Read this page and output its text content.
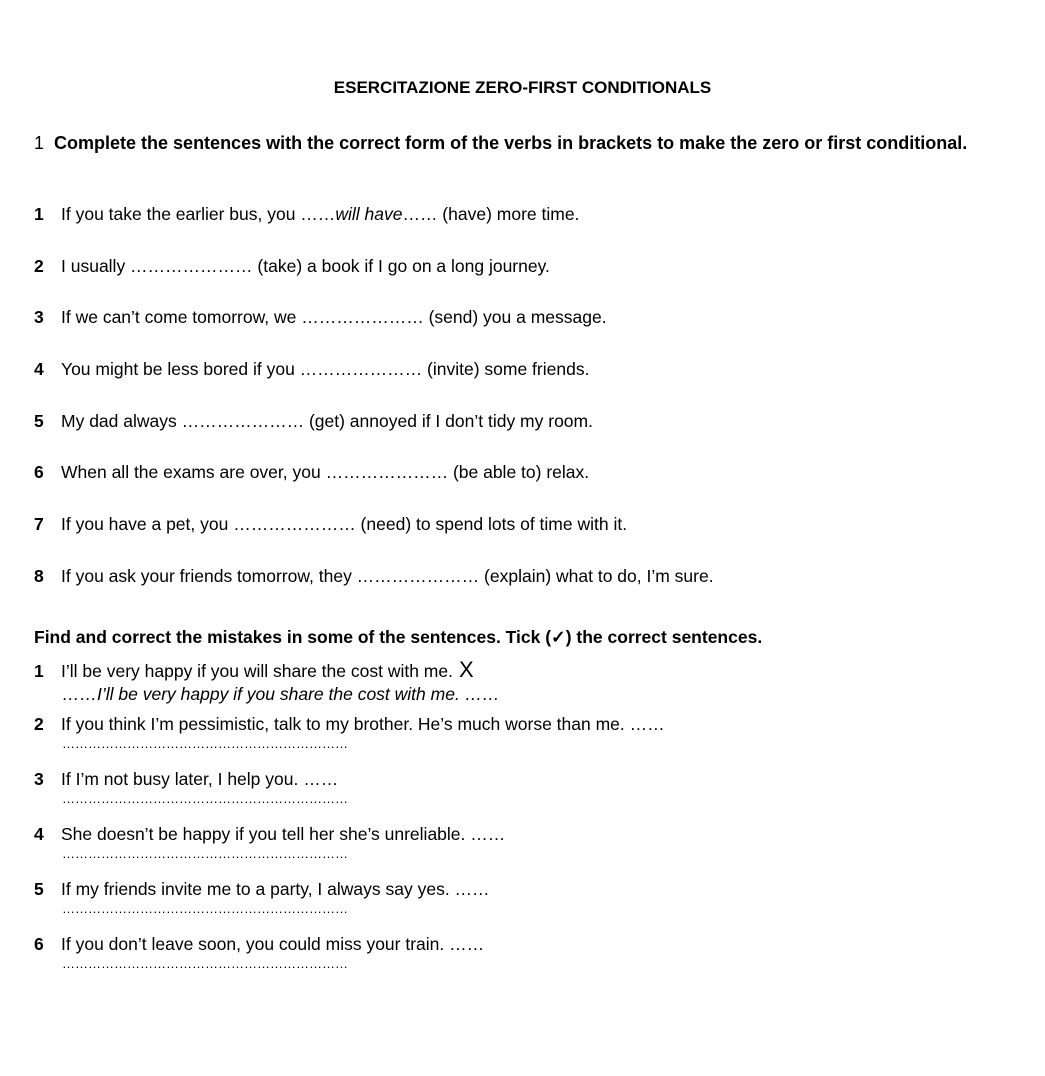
ESERCITAZIONE ZERO-FIRST CONDITIONALS
1 Complete the sentences with the correct form of the verbs in brackets to make the zero or first conditional.
1 If you take the earlier bus, you ……will have…… (have) more time.
2 I usually ………………… (take) a book if I go on a long journey.
3 If we can’t come tomorrow, we ………………… (send) you a message.
4 You might be less bored if you ………………… (invite) some friends.
5 My dad always ………………… (get) annoyed if I don’t tidy my room.
6 When all the exams are over, you ………………… (be able to) relax.
7 If you have a pet, you ………………… (need) to spend lots of time with it.
8 If you ask your friends tomorrow, they ………………… (explain) what to do, I’m sure.
Find and correct the mistakes in some of the sentences. Tick (✓) the correct sentences.
1 I’ll be very happy if you will share the cost with me. X
……I’ll be very happy if you share the cost with me. ……
2 If you think I’m pessimistic, talk to my brother. He’s much worse than me. ……
…………………………………………………………
3 If I’m not busy later, I help you. ……
…………………………………………………………
4 She doesn’t be happy if you tell her she’s unreliable. ……
…………………………………………………………
5 If my friends invite me to a party, I always say yes. ……
…………………………………………………………
6 If you don’t leave soon, you could miss your train. ……
…………………………………………………………
